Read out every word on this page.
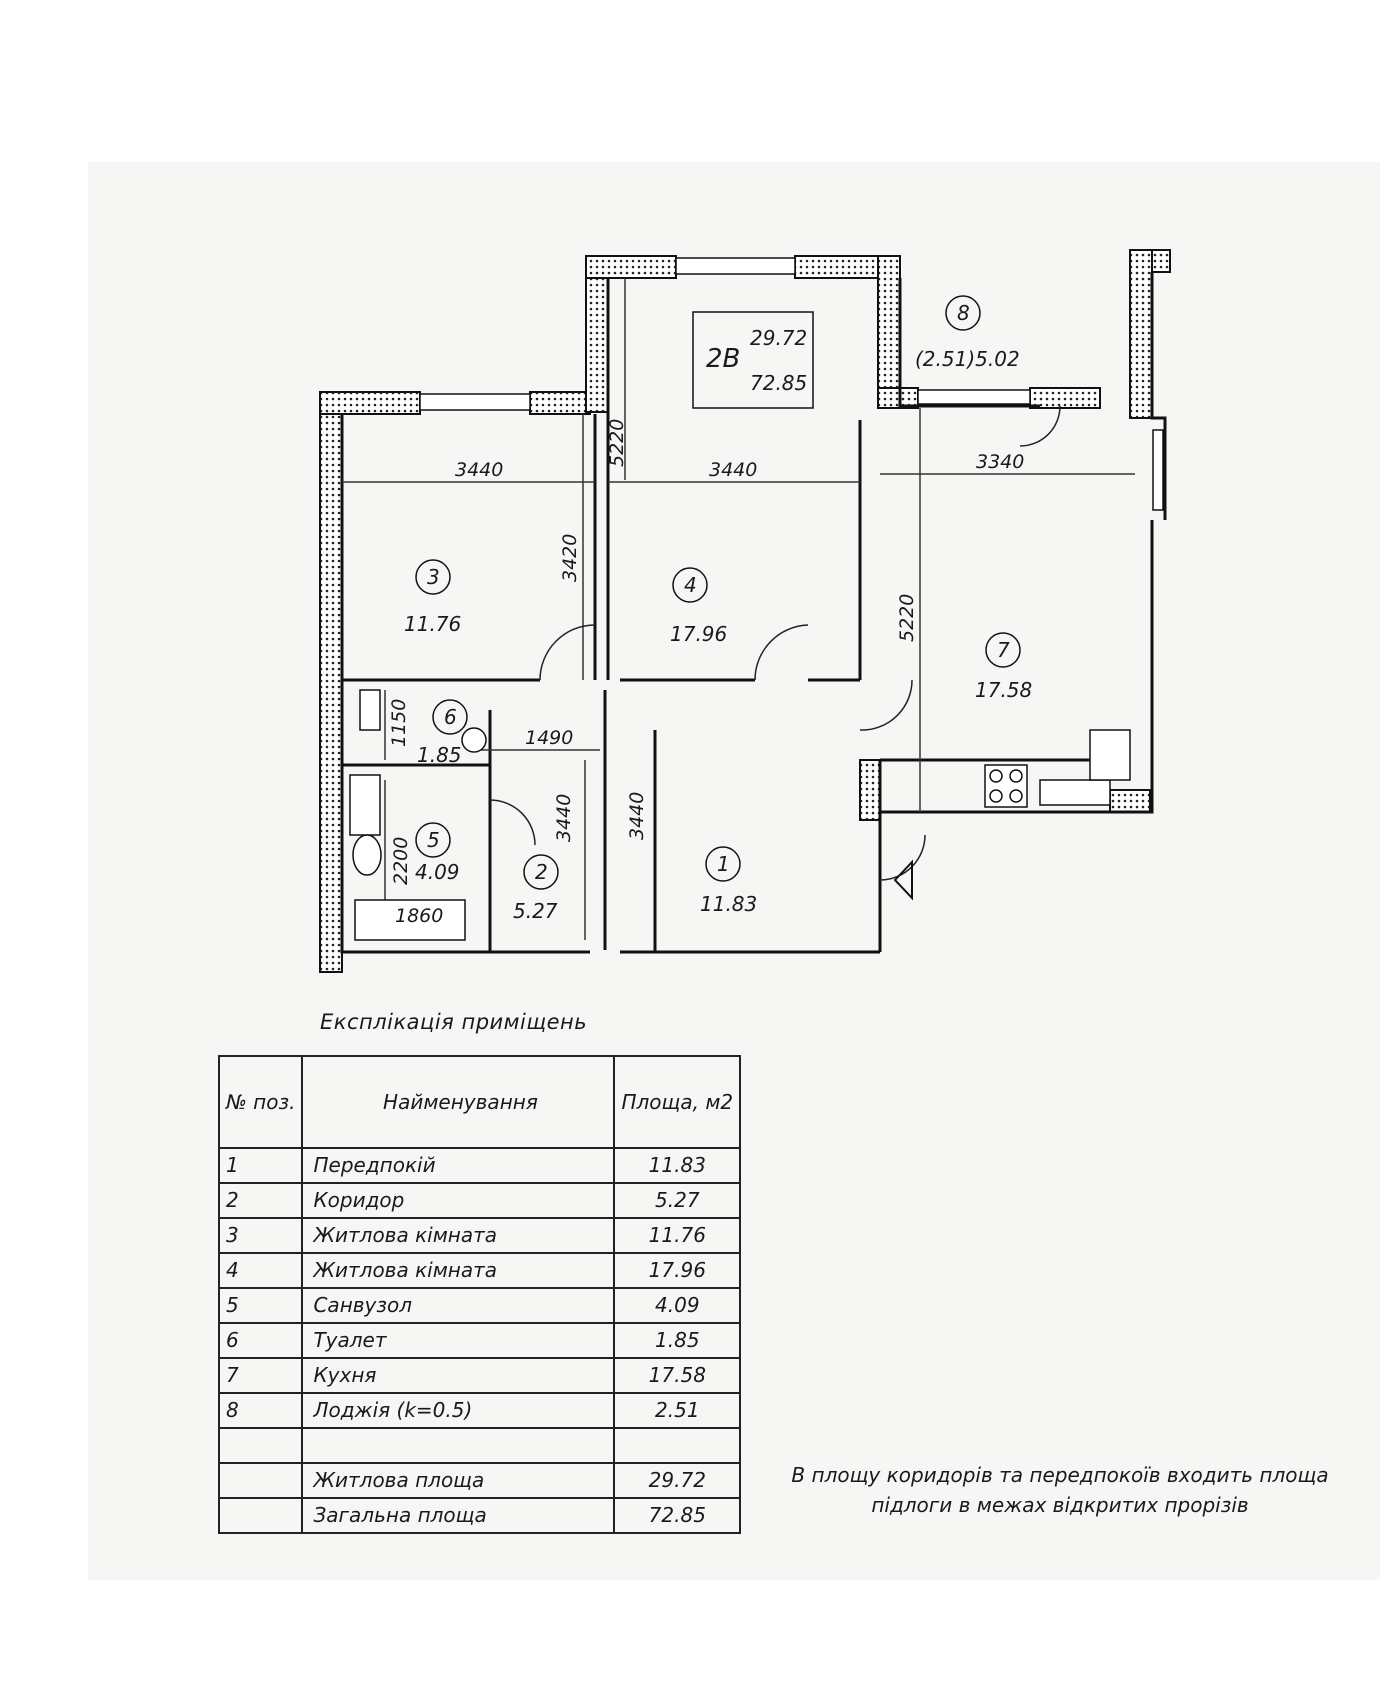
2В
29.72
72.85
3
11.76
4
17.96
7
17.58
6
1.85
5
4.09	2
5.27
1
11.83
8
(2.51)5.02
3440	3440	3340
3420
5220
5220
1490
1150
2200
1860
3440	3440
Експлікація приміщень
№ поз.	Найменування	Площа, м2
1	Передпокій	11.83
2	Коридор	5.27
3	Житлова кімната	11.76
4	Житлова кімната	17.96
5	Санвузол	4.09
6	Туалет	1.85
7	Кухня	17.58
8	Лоджія (k=0.5)	2.51

	Житлова площа	29.72
	Загальна площа	72.85
В площу коридорів та передпокоїв входить площа підлоги в межах відкритих прорізів
